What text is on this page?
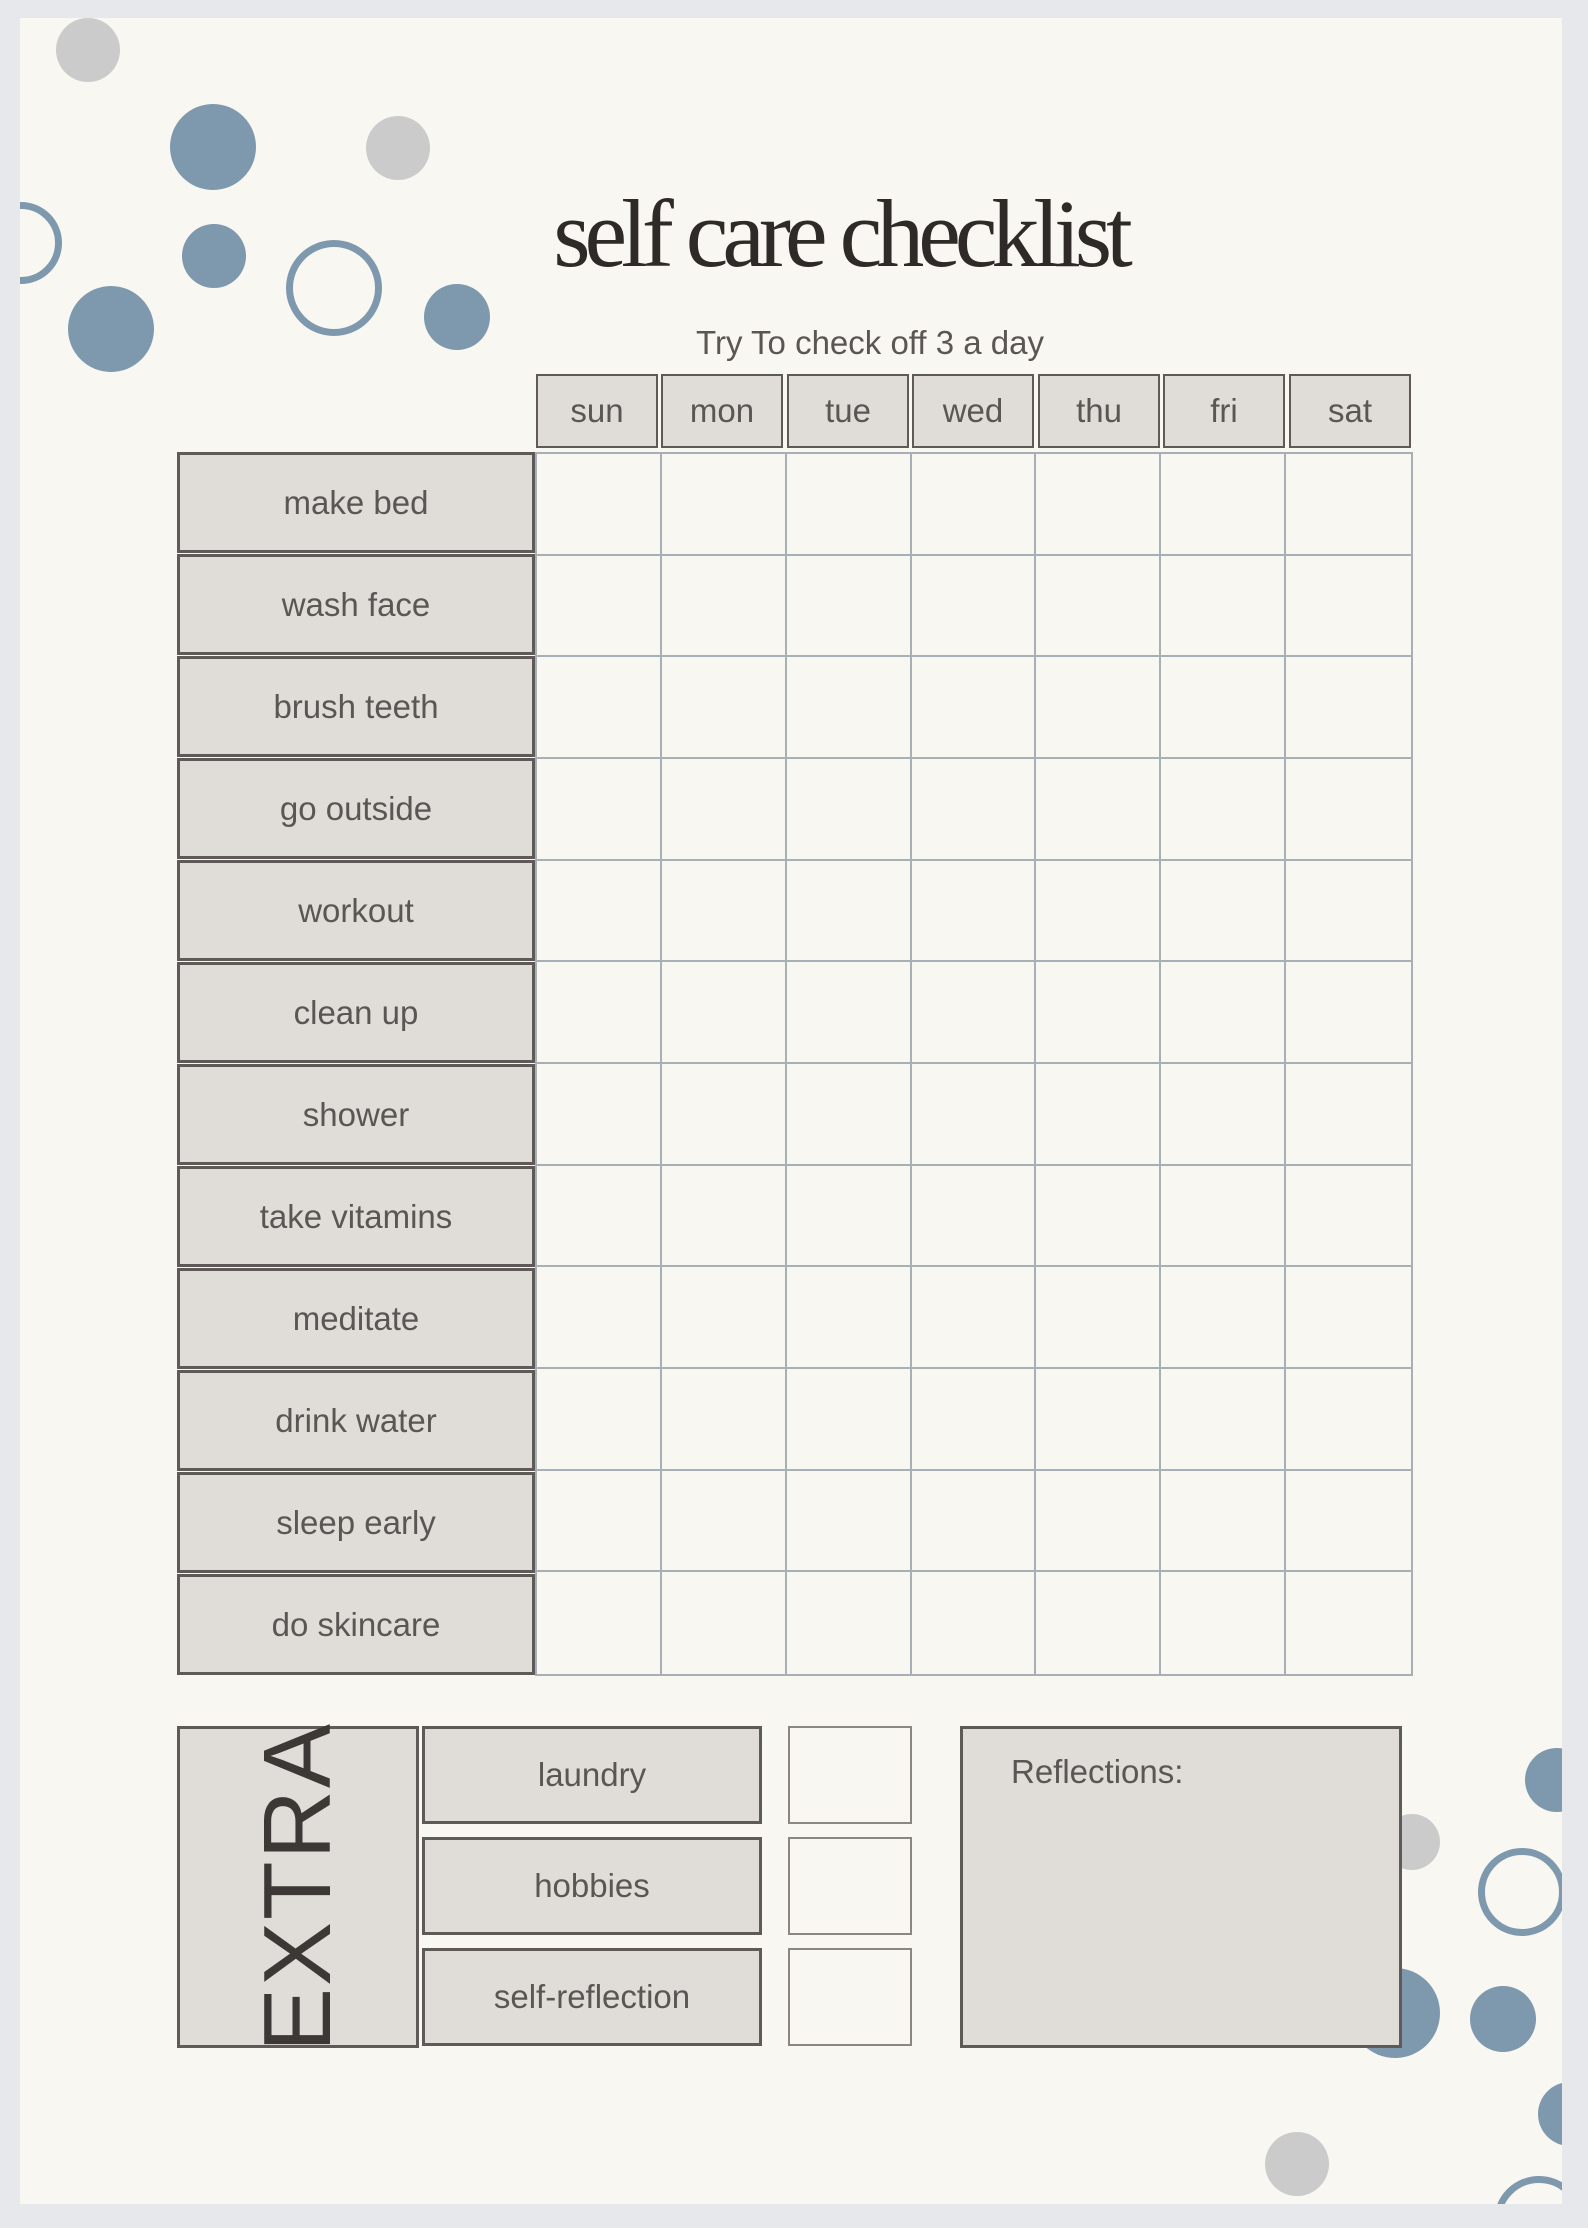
self care checklist
Try To check off 3 a day
sun	mon	tue	wed	thu	fri	sat
make bed
wash face
brush teeth
go outside
workout
clean up
shower
take vitamins
meditate
drink water
sleep early
do skincare
EXTRA	laundry
hobbies
self-reflection
Reflections:
